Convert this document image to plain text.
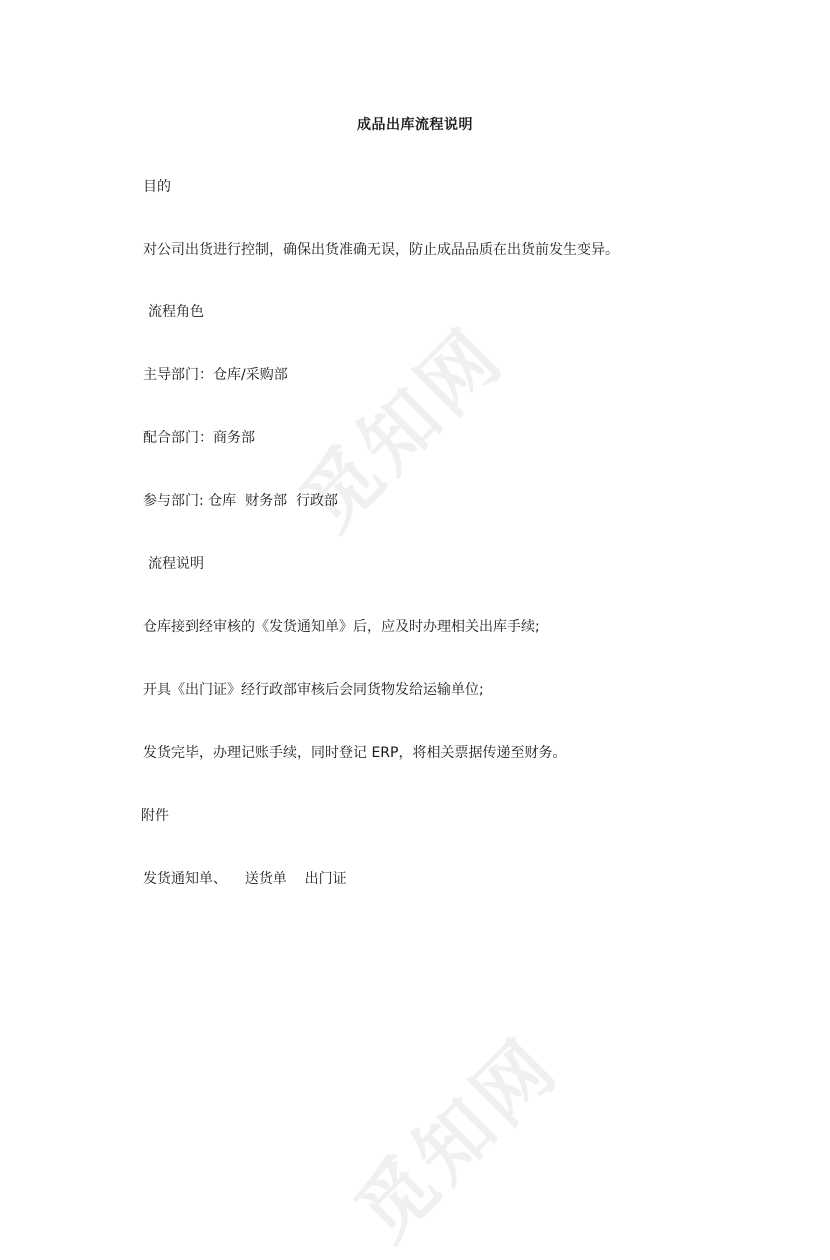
觅知网
觅知网
成品出库流程说明
目的
对公司出货进行控制，确保出货准确无误，防止成品品质在出货前发生变异。
流程角色
主导部门：仓库/采购部
配合部门：商务部
参与部门: 仓库  财务部  行政部
流程说明
仓库接到经审核的《发货通知单》后，应及时办理相关出库手续;
开具《出门证》经行政部审核后会同货物发给运输单位;
发货完毕，办理记账手续，同时登记 ERP，将相关票据传递至财务。
附件
发货通知单、    送货单    出门证
